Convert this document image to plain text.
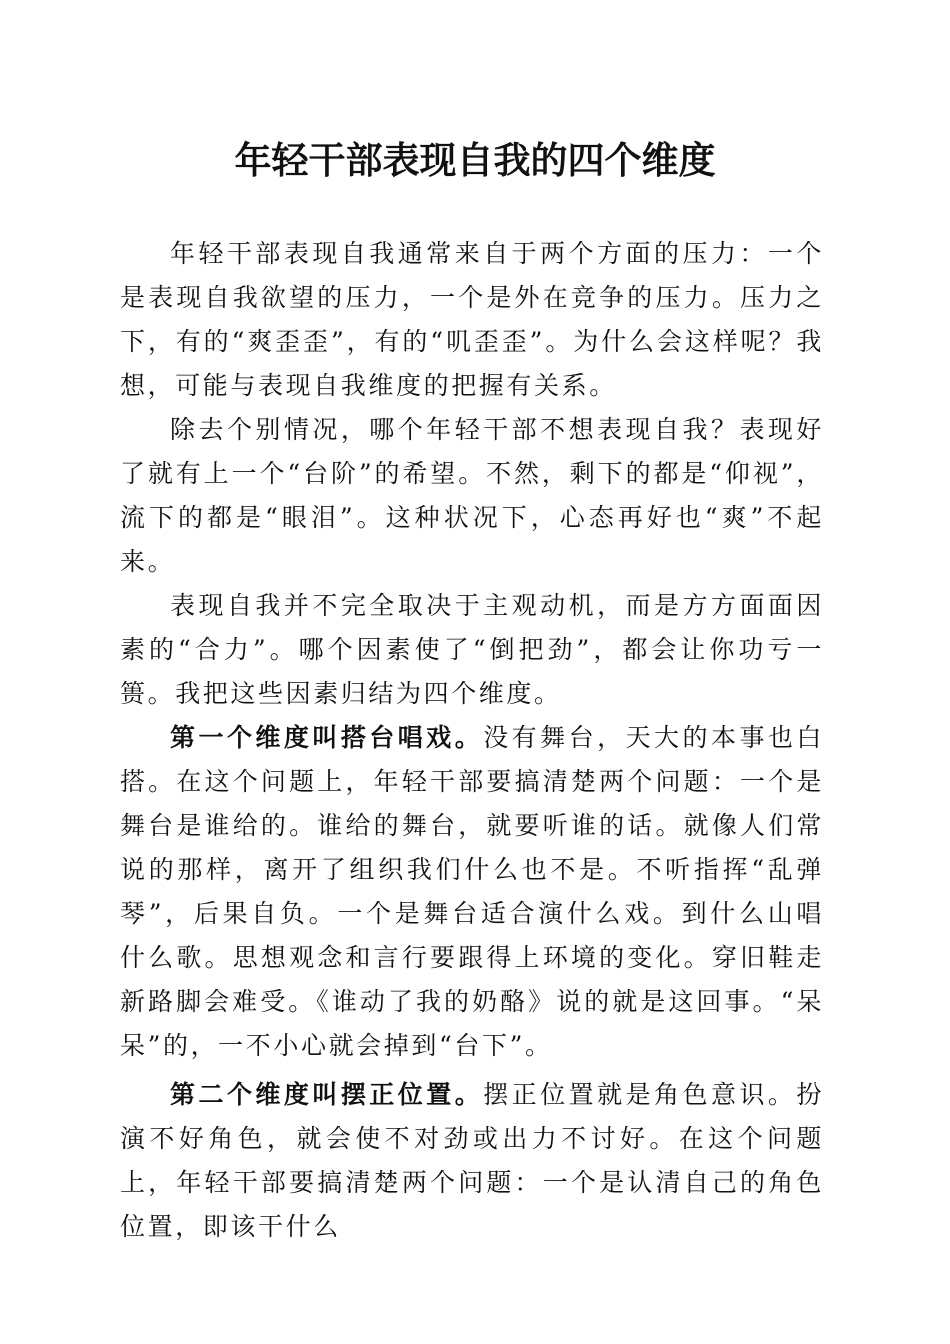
年轻干部表现自我的四个维度

年轻干部表现自我通常来自于两个方面的压力：一个是表现自我欲望的压力，一个是外在竞争的压力。压力之下，有的“爽歪歪”，有的“叽歪歪”。为什么会这样呢？我想，可能与表现自我维度的把握有关系。

除去个别情况，哪个年轻干部不想表现自我？表现好了就有上一个“台阶”的希望。不然，剩下的都是“仰视”，流下的都是“眼泪”。这种状况下，心态再好也“爽”不起来。

表现自我并不完全取决于主观动机，而是方方面面因素的“合力”。哪个因素使了“倒把劲”，都会让你功亏一篑。我把这些因素归结为四个维度。

第一个维度叫搭台唱戏。没有舞台，天大的本事也白搭。在这个问题上，年轻干部要搞清楚两个问题：一个是舞台是谁给的。谁给的舞台，就要听谁的话。就像人们常说的那样，离开了组织我们什么也不是。不听指挥“乱弹琴”，后果自负。一个是舞台适合演什么戏。到什么山唱什么歌。思想观念和言行要跟得上环境的变化。穿旧鞋走新路脚会难受。《谁动了我的奶酪》说的就是这回事。“呆呆”的，一不小心就会掉到“台下”。

第二个维度叫摆正位置。摆正位置就是角色意识。扮演不好角色，就会使不对劲或出力不讨好。在这个问题上，年轻干部要搞清楚两个问题：一个是认清自己的角色位置，即该干什么
